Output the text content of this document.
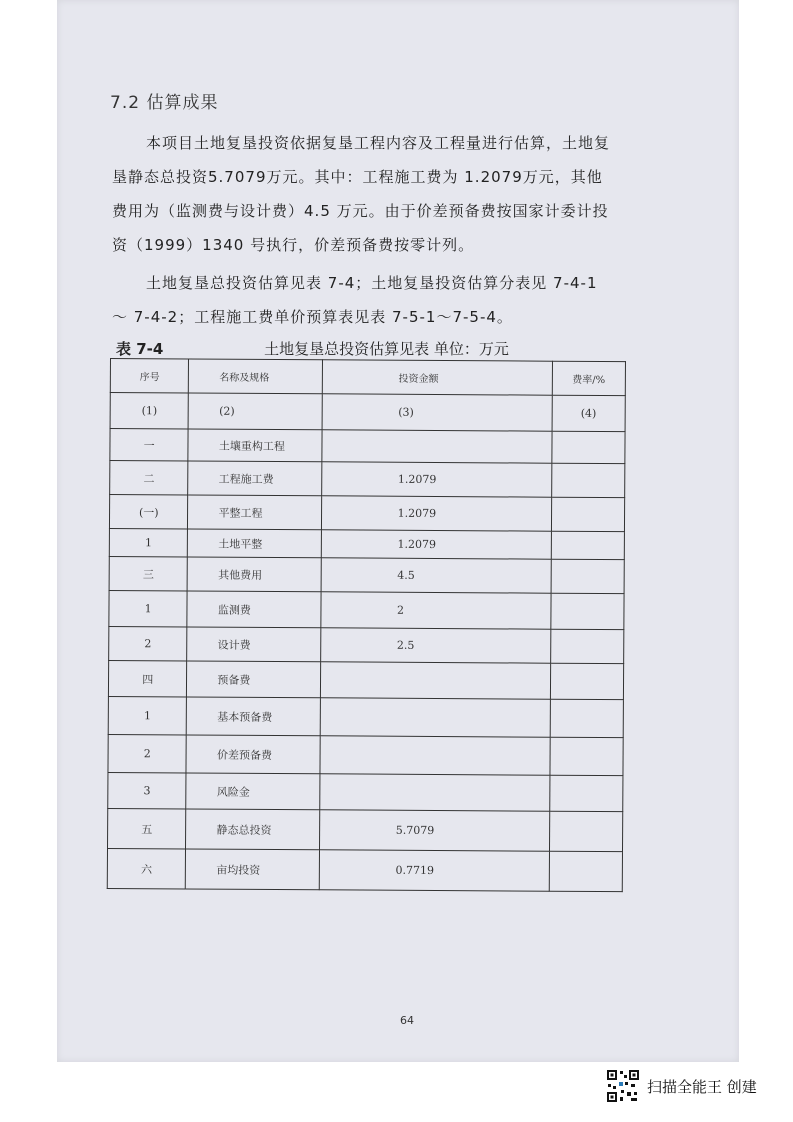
7.2 估算成果
本项目土地复垦投资依据复垦工程内容及工程量进行估算，土地复垦静态总投资5.7079万元。其中：工程施工费为 1.2079万元，其他费用为（监测费与设计费）4.5 万元。由于价差预备费按国家计委计投资（1999）1340 号执行，价差预备费按零计列。
土地复垦总投资估算见表 7-4；土地复垦投资估算分表见 7-4-1～ 7-4-2；工程施工费单价预算表见表 7-5-1～7-5-4。
表 7-4	土地复垦总投资估算见表 单位：万元
序号	名称及规格	投资金额	费率/%
(1)	(2)	(3)	(4)
一	土壤重构工程		
二	工程施工费	1.2079	
(一)	平整工程	1.2079	
1	土地平整	1.2079	
三	其他费用	4.5	
1	监测费	2	
2	设计费	2.5	
四	预备费		
1	基本预备费		
2	价差预备费		
3	风险金		
五	静态总投资	5.7079	
六	亩均投资	0.7719	
64
扫描全能王 创建
